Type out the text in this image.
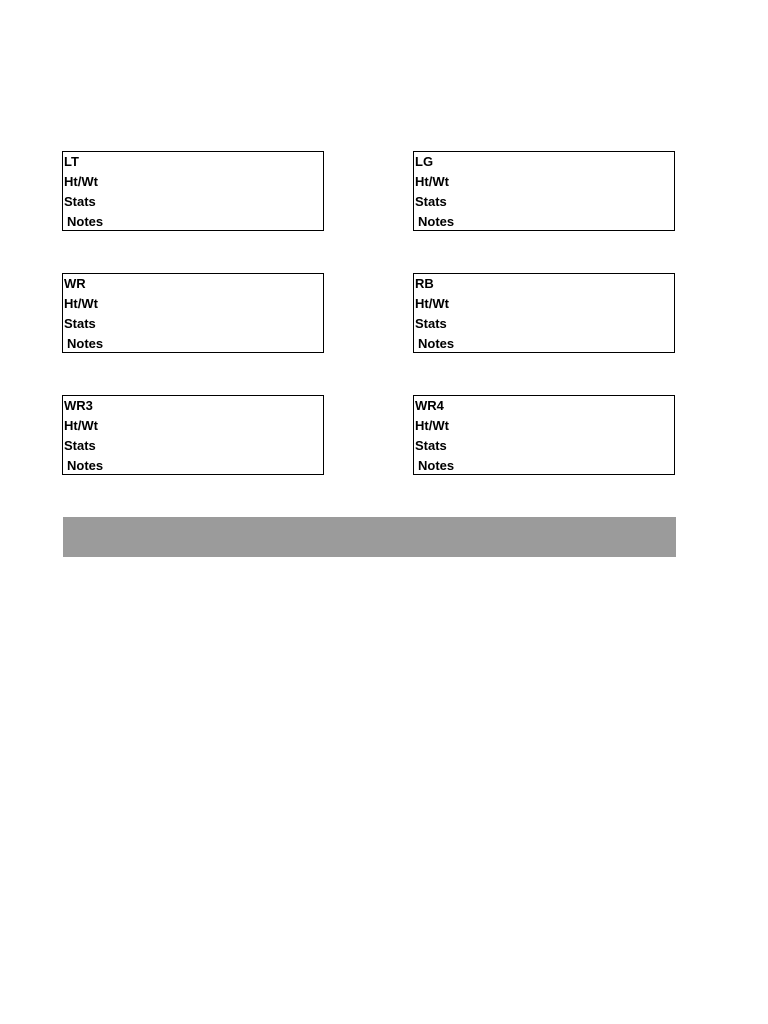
LT
Ht/Wt
Stats
Notes
LG
Ht/Wt
Stats
Notes
WR
Ht/Wt
Stats
Notes
RB
Ht/Wt
Stats
Notes
WR3
Ht/Wt
Stats
Notes
WR4
Ht/Wt
Stats
Notes
